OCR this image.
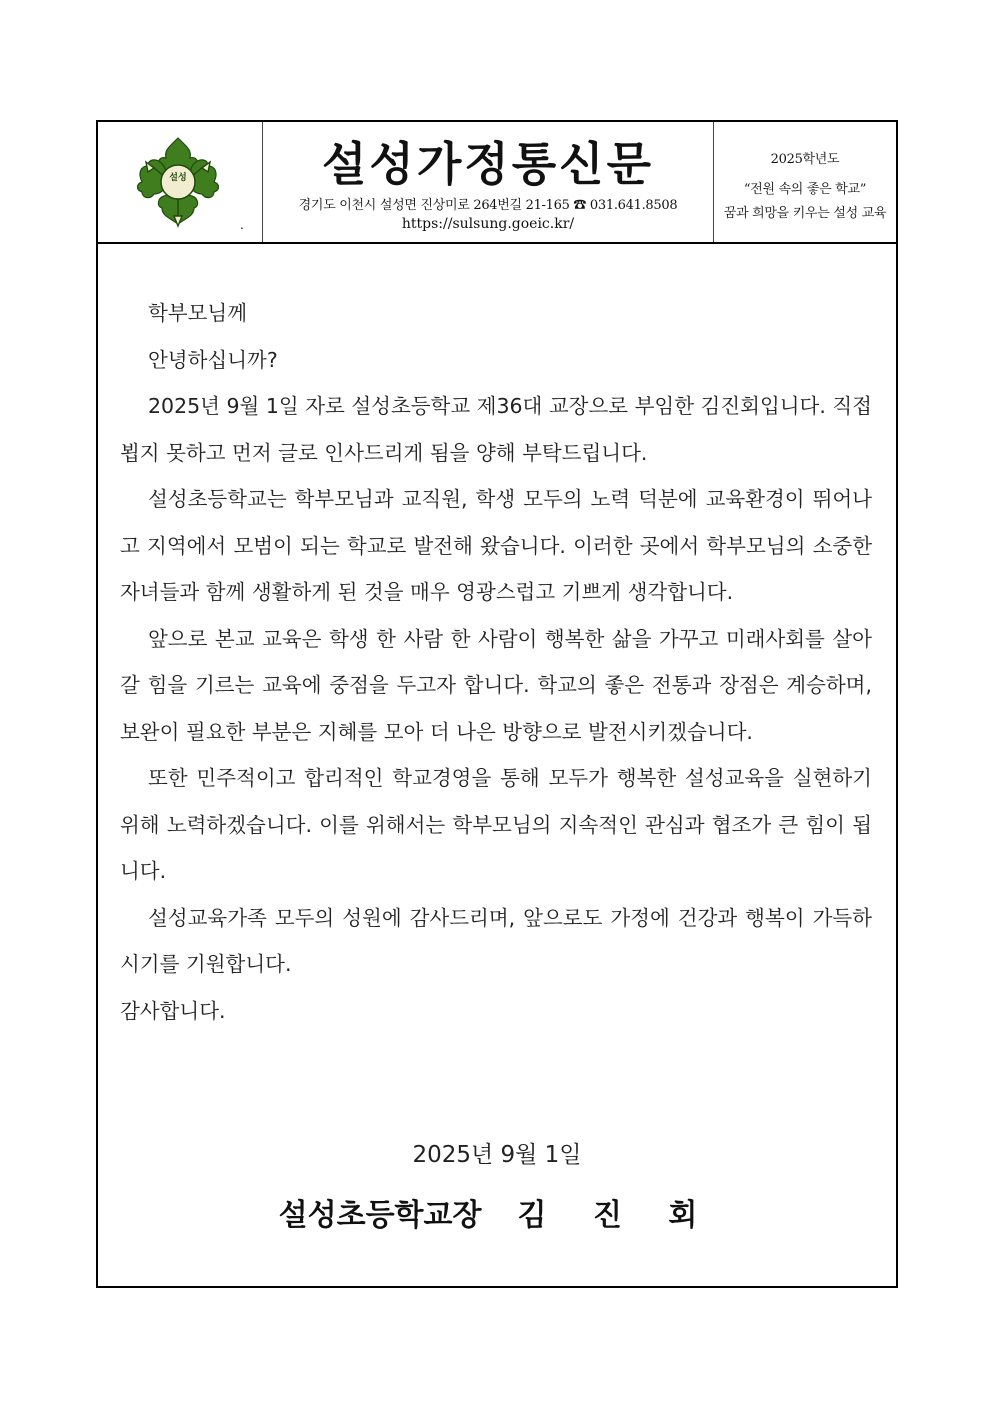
설성
.
설성가정통신문
경기도 이천시 설성면 진상미로 264번길 21-165 ☎ 031.641.8508
https://sulsung.goeic.kr/
2025학년도
“전원 속의 좋은 학교”
꿈과 희망을 키우는 설성 교육

학부모님께

안녕하십니까?

2025년 9월 1일 자로 설성초등학교 제36대 교장으로 부임한 김진회입니다. 직접 뵙지 못하고 먼저 글로 인사드리게 됨을 양해 부탁드립니다.

설성초등학교는 학부모님과 교직원, 학생 모두의 노력 덕분에 교육환경이 뛰어나고 지역에서 모범이 되는 학교로 발전해 왔습니다. 이러한 곳에서 학부모님의 소중한 자녀들과 함께 생활하게 된 것을 매우 영광스럽고 기쁘게 생각합니다.

앞으로 본교 교육은 학생 한 사람 한 사람이 행복한 삶을 가꾸고 미래사회를 살아갈 힘을 기르는 교육에 중점을 두고자 합니다. 학교의 좋은 전통과 장점은 계승하며, 보완이 필요한 부분은 지혜를 모아 더 나은 방향으로 발전시키겠습니다.

또한 민주적이고 합리적인 학교경영을 통해 모두가 행복한 설성교육을 실현하기 위해 노력하겠습니다. 이를 위해서는 학부모님의 지속적인 관심과 협조가 큰 힘이 됩니다.

설성교육가족 모두의 성원에 감사드리며, 앞으로도 가정에 건강과 행복이 가득하시기를 기원합니다.

감사합니다.

2025년 9월 1일
설성초등학교장 김 진 회
